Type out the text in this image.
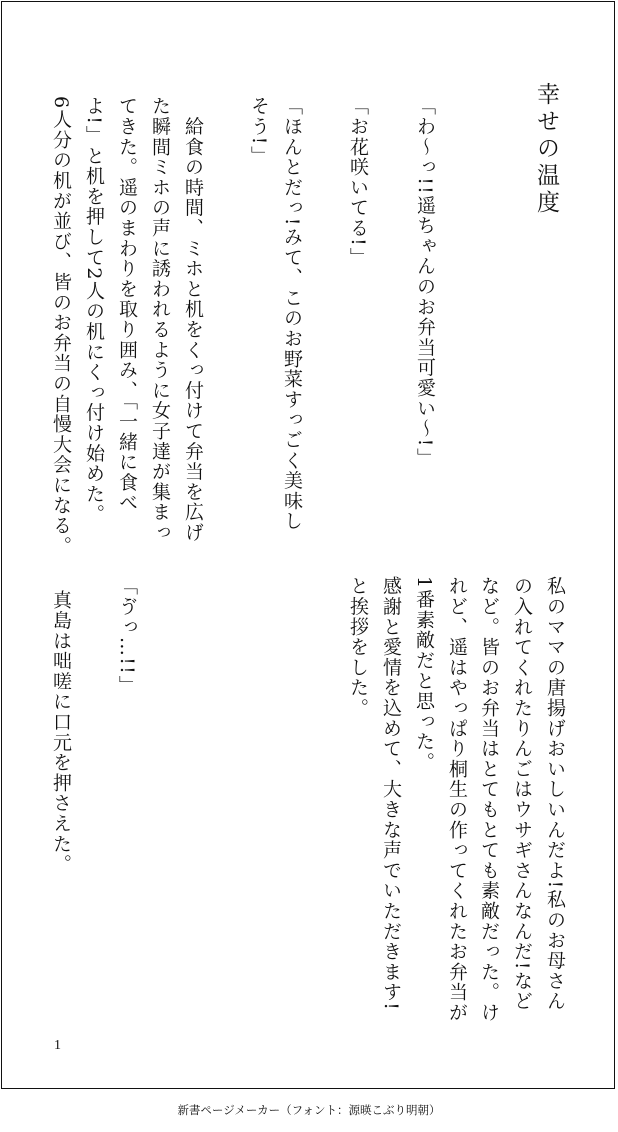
幸せの温度
「わ～っ!!遥ちゃんのお弁当可愛い～!」
「お花咲いてる!」
「ほんとだっ!みて、このお野菜すっごく美味し
そう!」
　給食の時間、ミホと机をくっ付けて弁当を広げ
た瞬間ミホの声に誘われるように女子達が集まっ
てきた。遥のまわりを取り囲み、「一緒に食べ
よ!」と机を押して2人の机にくっ付け始めた。
6人分の机が並び、皆のお弁当の自慢大会になる。
私のママの唐揚げおいしいんだよ!私のお母さん
の入れてくれたりんごはウサギさんなんだ!など
など。皆のお弁当はとてもとても素敵だった。け
れど、遥はやっぱり桐生の作ってくれたお弁当が
1番素敵だと思った。
感謝と愛情を込めて、大きな声でいただきます!
と挨拶をした。
「ゔっ…!!」
真島は咄嗟に口元を押さえた。
1
新書ページメーカー（フォント：源暎こぶり明朝）
